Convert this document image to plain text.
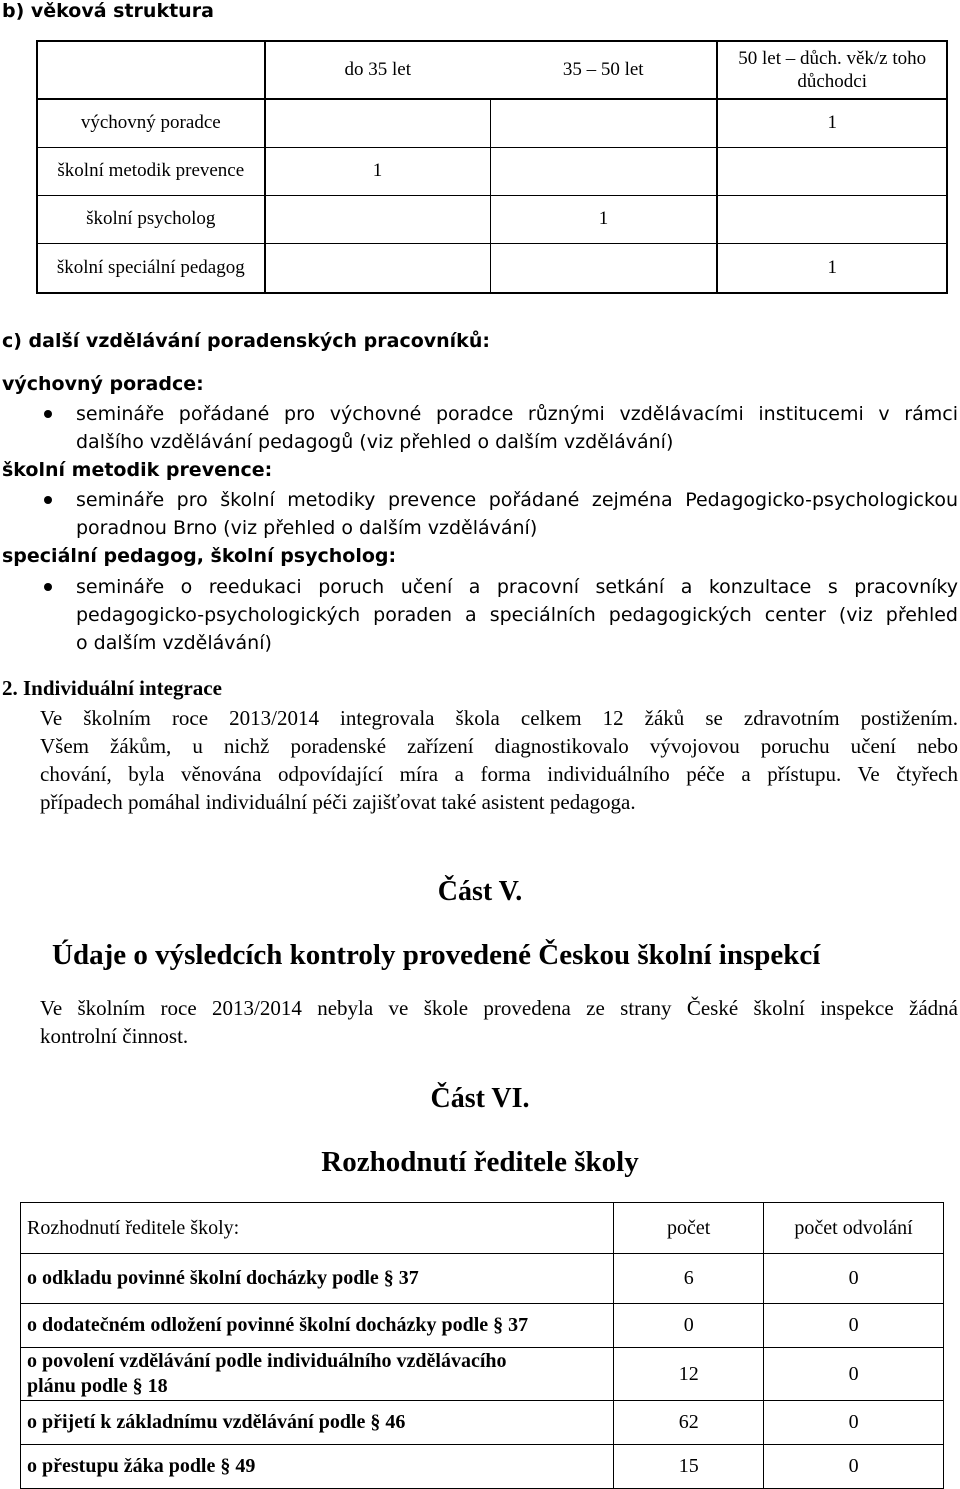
b) věková struktura
	do 35 let	35 – 50 let	50 let – důch. věk/z toho důchodci
výchovný poradce			1
školní metodik prevence	1		
školní psycholog		1	
školní speciální pedagog			1
c) další vzdělávání poradenských pracovníků:
výchovný poradce:
semináře pořádané pro výchovné poradce různými vzdělávacími institucemi v rámci
dalšího vzdělávání pedagogů (viz přehled o dalším vzdělávání)
školní metodik prevence:
semináře pro školní metodiky prevence pořádané zejména Pedagogicko-psychologickou
poradnou Brno (viz přehled o dalším vzdělávání)
speciální pedagog, školní psycholog:
semináře o reedukaci poruch učení a pracovní setkání a konzultace s pracovníky
pedagogicko-psychologických poraden a speciálních pedagogických center (viz přehled
o dalším vzdělávání)
2. Individuální integrace
Ve školním roce 2013/2014 integrovala škola celkem 12 žáků se zdravotním postižením.
Všem žákům, u nichž poradenské zařízení diagnostikovalo vývojovou poruchu učení nebo
chování, byla věnována odpovídající míra a forma individuálního péče a přístupu. Ve čtyřech
případech pomáhal individuální péči zajišťovat také asistent pedagoga.
Část V.
Údaje o výsledcích kontroly provedené Českou školní inspekcí
Ve školním roce 2013/2014 nebyla ve škole provedena ze strany České školní inspekce žádná
kontrolní činnost.
Část VI.
Rozhodnutí ředitele školy
Rozhodnutí ředitele školy:	počet	počet odvolání
o odkladu povinné školní docházky podle § 37	6	0
o dodatečném odložení povinné školní docházky podle § 37	0	0
o povolení vzdělávání podle individuálního vzdělávacího
plánu podle § 18	12	0
o přijetí k základnímu vzdělávání podle § 46	62	0
o přestupu žáka podle § 49	15	0
